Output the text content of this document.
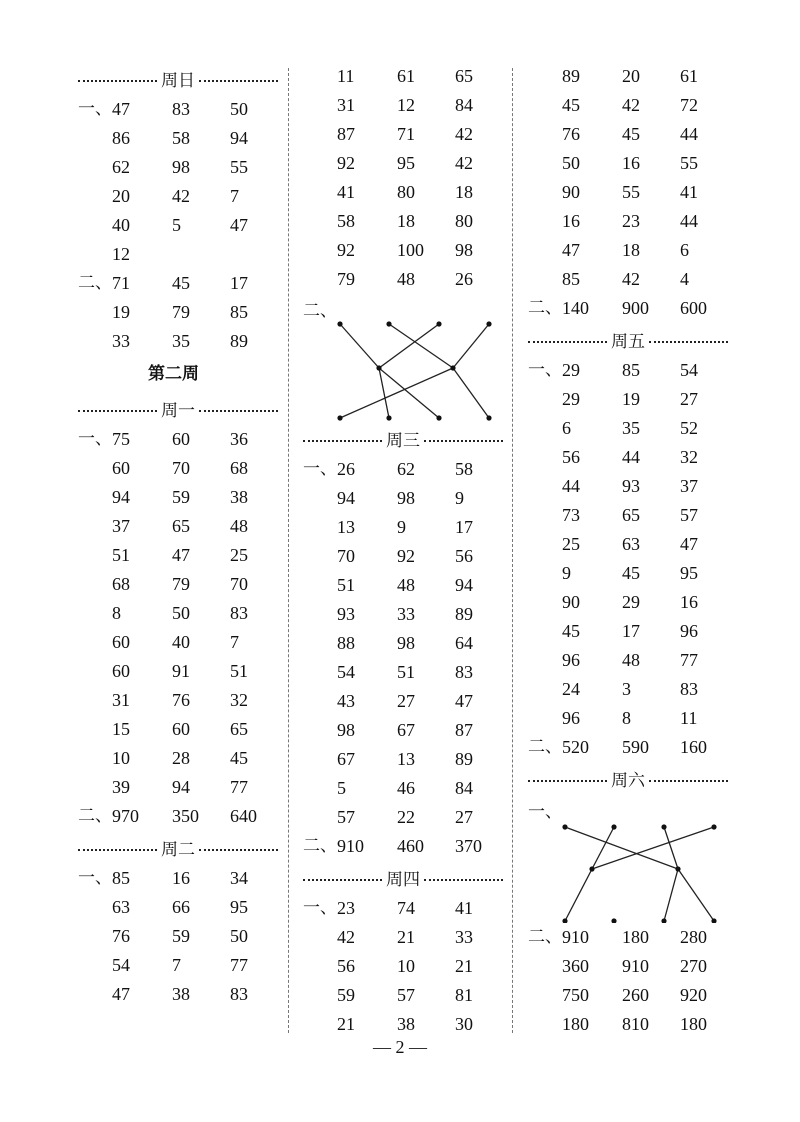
周日
一、 47 83 50
86 58 94
62 98 55
20 42 7
40 5	47
12
二、 71 45 17
19 79 85
33 35 89
第二周
周一
一、 75 60 36
60 70 68
94 59 38
37 65 48
51 47 25
68 79 70
8	50 83
60 40 7
60 91 51
31 76 32
15 60 65
10 28 45
39 94 77
二、 970 350 640
周二
一、 85 16 34
63 66 95
76 59 50
54 7	77
47 38 83
11 61 65
31 12 84
87 71 42
92 95 42
41 80 18
58 18 80
92 100 98
79 48 26
二、
周三
一、 26 62 58
94 98 9
13 9	17
70 92 56
51 48 94
93 33 89
88 98 64
54 51 83
43 27 47
98 67 87
67 13 89
5	46 84
57 22 27
二、 910 460 370
周四
一、 23 74 41
42 21 33
56 10 21
59 57 81
21 38 30
89 20 61
45 42 72
76 45 44
50 16 55
90 55 41
16 23 44
47 18 6
85 42 4
二、 140 900 600
周五
一、 29 85 54
29 19 27
6	35 52
56 44 32
44 93 37
73 65 57
25 63 47
9	45 95
90 29 16
45 17 96
96 48 77
24 3	83
96 8	11
二、 520 590 160
周六
一、
二、 910 180 280
360 910 270
750 260 920
180 810 180
— 2 —
